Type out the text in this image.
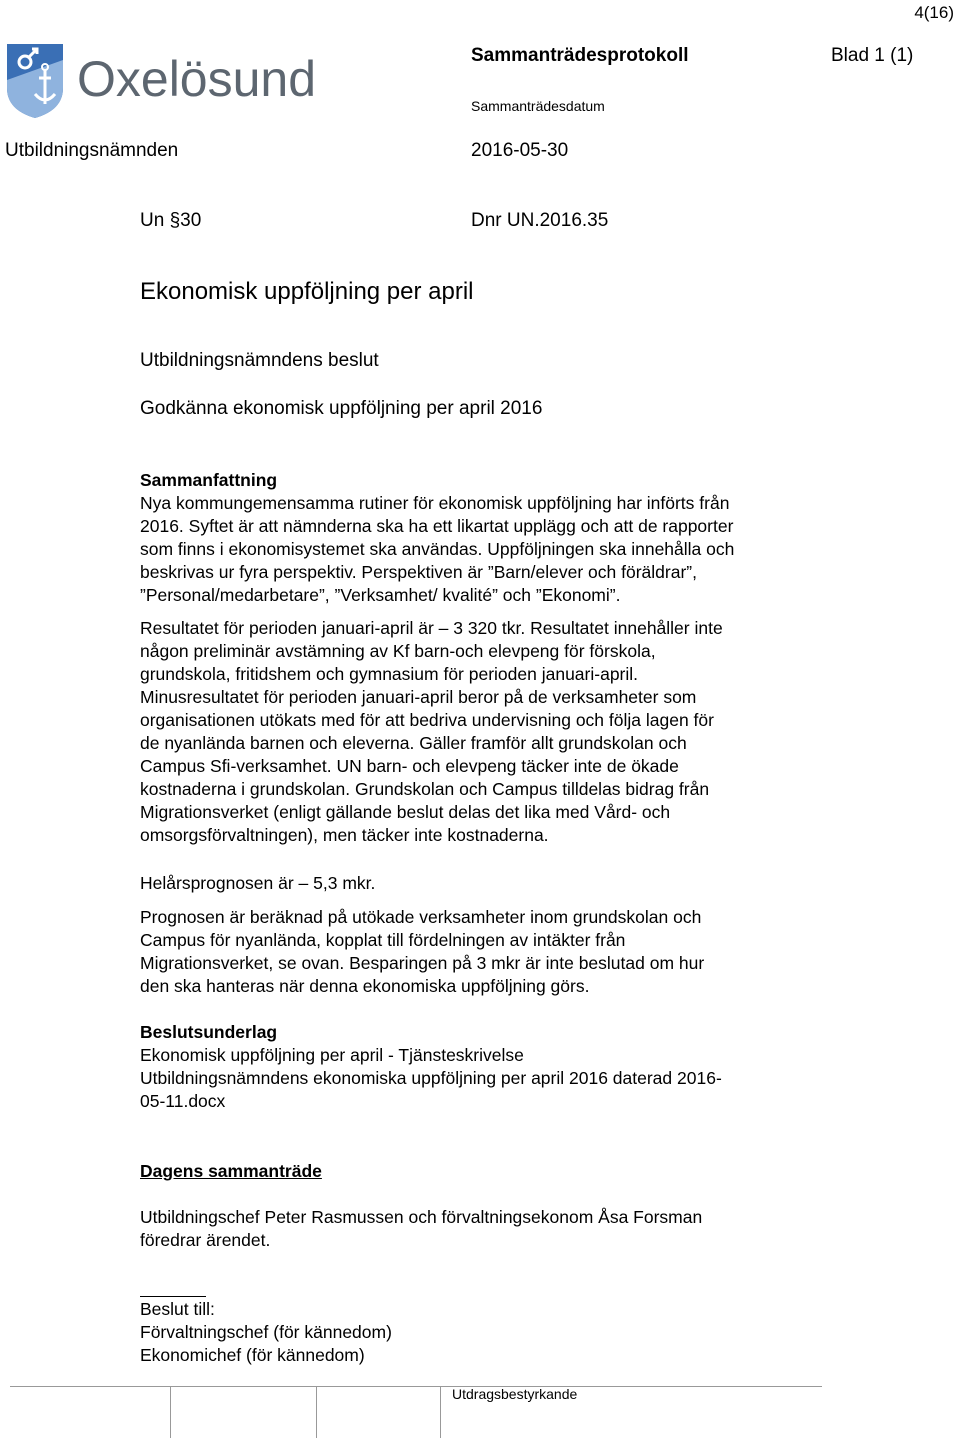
4(16)
Oxelösund	Sammanträdesprotokoll	Blad 1 (1)
Sammanträdesdatum
Utbildningsnämnden	2016-05-30
Un §30	Dnr UN.2016.35
Ekonomisk uppföljning per april
Utbildningsnämndens beslut
Godkänna ekonomisk uppföljning per april 2016
Sammanfattning
Nya kommungemensamma rutiner för ekonomisk uppföljning har införts från
2016. Syftet är att nämnderna ska ha ett likartat upplägg och att de rapporter
som finns i ekonomisystemet ska användas. Uppföljningen ska innehålla och
beskrivas ur fyra perspektiv. Perspektiven är ”Barn/elever och föräldrar”,
”Personal/medarbetare”, ”Verksamhet/ kvalité” och ”Ekonomi”.
Resultatet för perioden januari-april är – 3 320 tkr. Resultatet innehåller inte
någon preliminär avstämning av Kf barn-och elevpeng för förskola,
grundskola, fritidshem och gymnasium för perioden januari-april.
Minusresultatet för perioden januari-april beror på de verksamheter som
organisationen utökats med för att bedriva undervisning och följa lagen för
de nyanlända barnen och eleverna. Gäller framför allt grundskolan och
Campus Sfi-verksamhet. UN barn- och elevpeng täcker inte de ökade
kostnaderna i grundskolan. Grundskolan och Campus tilldelas bidrag från
Migrationsverket (enligt gällande beslut delas det lika med Vård- och
omsorgsförvaltningen), men täcker inte kostnaderna.
Helårsprognosen är – 5,3 mkr.
Prognosen är beräknad på utökade verksamheter inom grundskolan och
Campus för nyanlända, kopplat till fördelningen av intäkter från
Migrationsverket, se ovan. Besparingen på 3 mkr är inte beslutad om hur
den ska hanteras när denna ekonomiska uppföljning görs.
Beslutsunderlag
Ekonomisk uppföljning per april - Tjänsteskrivelse
Utbildningsnämndens ekonomiska uppföljning per april 2016 daterad 2016-
05-11.docx
Dagens sammanträde
Utbildningschef Peter Rasmussen och förvaltningsekonom Åsa Forsman
föredrar ärendet.
Beslut till:
Förvaltningschef (för kännedom)
Ekonomichef (för kännedom)
Utdragsbestyrkande
